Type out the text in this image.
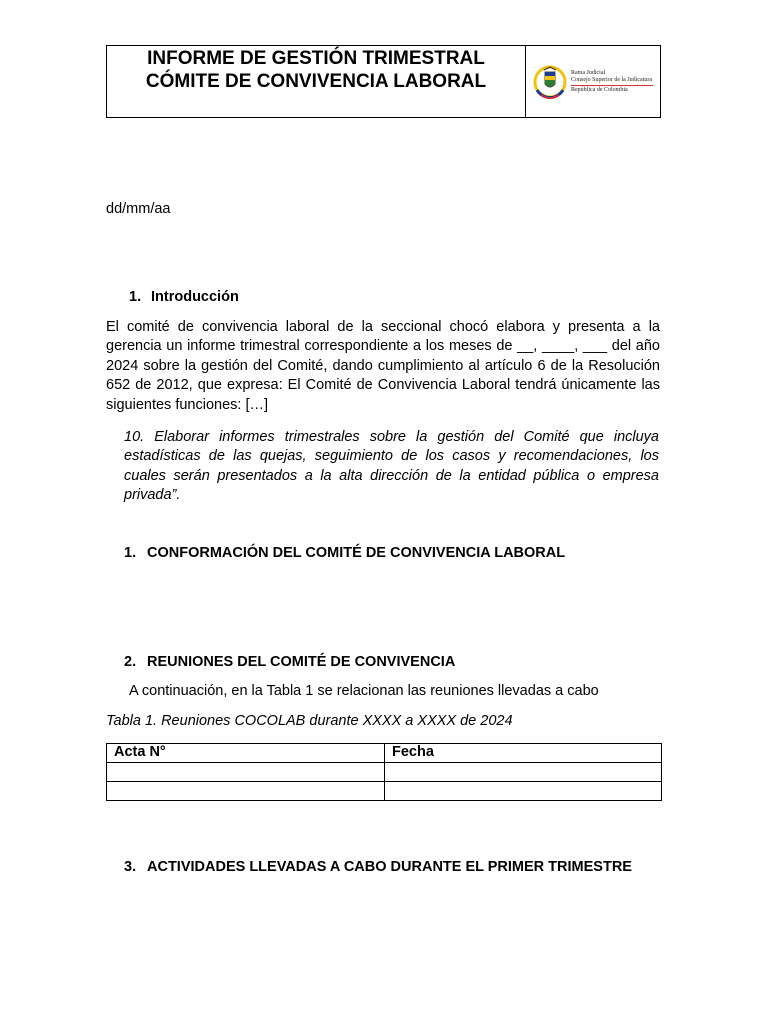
INFORME DE GESTIÓN TRIMESTRAL
CÓMITE DE CONVIVENCIA LABORAL	Rama Judicial
Consejo Superior de la Judicatura
República de Colombia
dd/mm/aa
1. Introducción
El comité de convivencia laboral de la seccional chocó elabora y presenta a la gerencia un informe trimestral correspondiente a los meses de __, ____, ___ del año 2024 sobre la gestión del Comité, dando cumplimiento al artículo 6 de la Resolución 652 de 2012, que expresa: El Comité de Convivencia Laboral tendrá únicamente las siguientes funciones: […]
10. Elaborar informes trimestrales sobre la gestión del Comité que incluya estadísticas de las quejas, seguimiento de los casos y recomendaciones, los cuales serán presentados a la alta dirección de la entidad pública o empresa privada”.
1. CONFORMACIÓN DEL COMITÉ DE CONVIVENCIA LABORAL
2. REUNIONES DEL COMITÉ DE CONVIVENCIA
A continuación, en la Tabla 1 se relacionan las reuniones llevadas a cabo
Tabla 1. Reuniones COCOLAB durante XXXX a XXXX de 2024
Acta N°	Fecha

3. ACTIVIDADES LLEVADAS A CABO DURANTE EL PRIMER TRIMESTRE
